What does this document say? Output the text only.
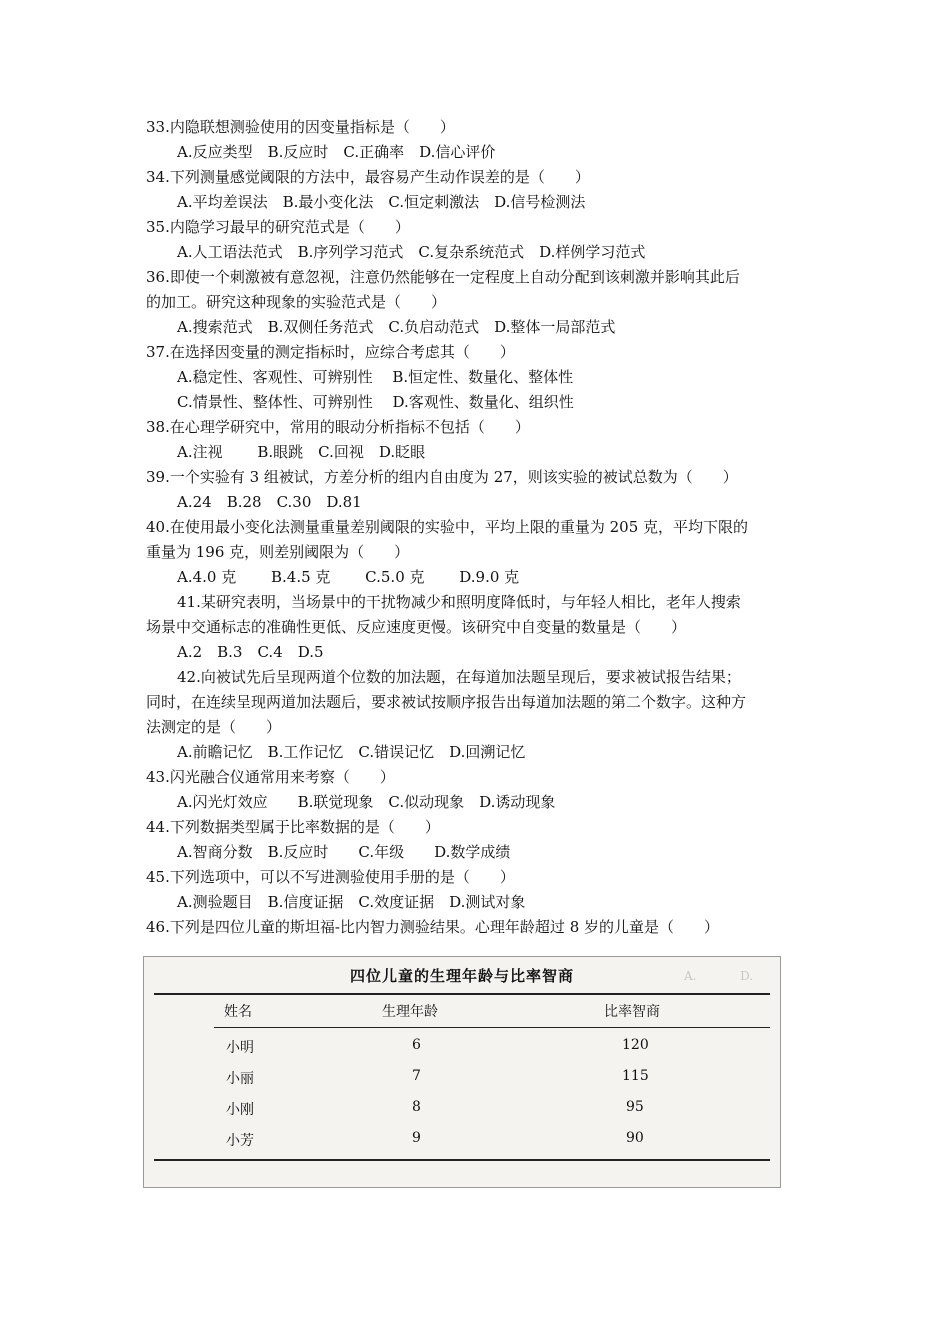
33.内隐联想测验使用的因变量指标是（　　）
A.反应类型　B.反应时　C.正确率　D.信心评价
34.下列测量感觉阈限的方法中，最容易产生动作误差的是（　　）
A.平均差误法　B.最小变化法　C.恒定刺激法　D.信号检测法
35.内隐学习最早的研究范式是（　　）
A.人工语法范式　B.序列学习范式　C.复杂系统范式　D.样例学习范式
36.即使一个刺激被有意忽视，注意仍然能够在一定程度上自动分配到该刺激并影响其此后
的加工。研究这种现象的实验范式是（　　）
A.搜索范式　B.双侧任务范式　C.负启动范式　D.整体一局部范式
37.在选择因变量的测定指标时，应综合考虑其（　　）
A.稳定性、客观性、可辨别性　 B.恒定性、数量化、整体性
C.情景性、整体性、可辨别性　 D.客观性、数量化、组织性
38.在心理学研究中，常用的眼动分析指标不包括（　　）
A.注视　　 B.眼跳　C.回视　D.眨眼
39.一个实验有 3 组被试，方差分析的组内自由度为 27，则该实验的被试总数为（　　）
A.24　B.28　C.30　D.81
40.在使用最小变化法测量重量差别阈限的实验中，平均上限的重量为 205 克，平均下限的
重量为 196 克，则差别阈限为（　　）
A.4.0 克　　 B.4.5 克　　 C.5.0 克　　 D.9.0 克
41.某研究表明，当场景中的干扰物减少和照明度降低时，与年轻人相比，老年人搜索
场景中交通标志的准确性更低、反应速度更慢。该研究中自变量的数量是（　　）
A.2　B.3　C.4　D.5
42.向被试先后呈现两道个位数的加法题，在每道加法题呈现后，要求被试报告结果；
同时，在连续呈现两道加法题后，要求被试按顺序报告出每道加法题的第二个数字。这种方
法测定的是（　　）
A.前瞻记忆　B.工作记忆　C.错误记忆　D.回溯记忆
43.闪光融合仪通常用来考察（　　）
A.闪光灯效应　　B.联觉现象　C.似动现象　D.诱动现象
44.下列数据类型属于比率数据的是（　　）
A.智商分数　B.反应时　　C.年级　　D.数学成绩
45.下列选项中，可以不写进测验使用手册的是（　　）
A.测验题目　B.信度证据　C.效度证据　D.测试对象
46.下列是四位儿童的斯坦福-比内智力测验结果。心理年龄超过 8 岁的儿童是（　　）
A. 　　　 D. 　

四位儿童的生理年龄与比率智商
姓名	生理年龄	比率智商
小明	6	120
小丽	7	115
小刚	8	95
小芳	9	90
